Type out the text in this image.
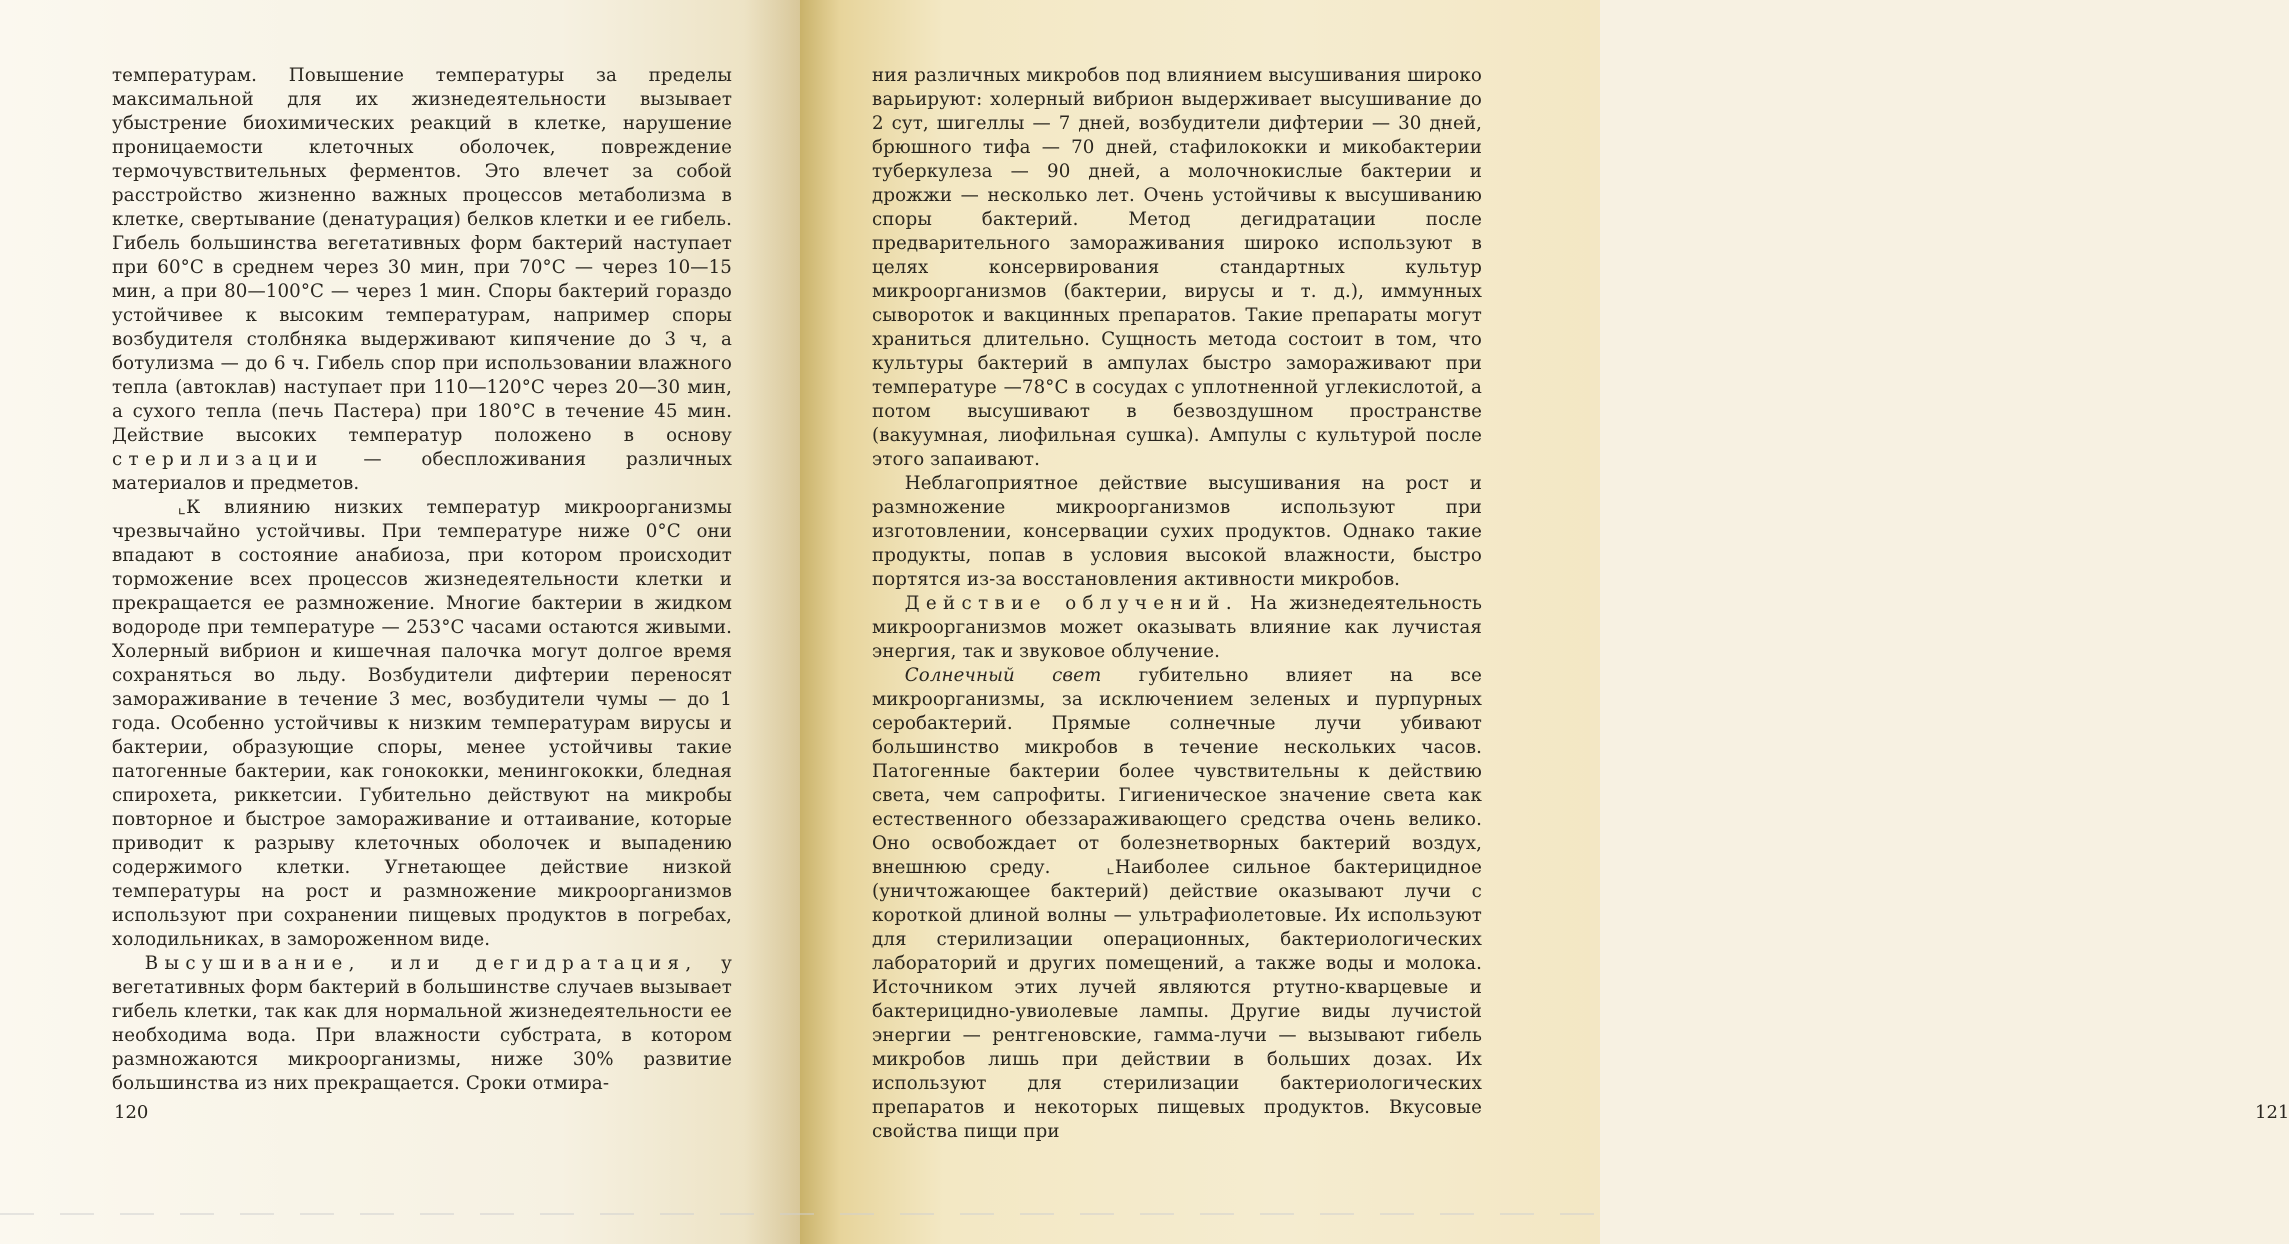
температурам. Повышение температуры за пределы максимальной для их жизнедеятельности вызывает убыстрение биохимических реакций в клетке, нарушение проницаемости клеточных оболочек, повреждение термочувствительных ферментов. Это влечет за собой расстройство жизненно важных процессов метаболизма в клетке, свертывание (денатурация) белков клетки и ее гибель. Гибель большинства вегетативных форм бактерий наступает при 60°С в среднем через 30 мин, при 70°С — через 10—15 мин, а при 80—100°С — через 1 мин. Споры бактерий гораздо устойчивее к высоким температурам, например споры возбудителя столбняка выдерживают кипячение до 3 ч, а ботулизма — до 6 ч. Гибель спор при использовании влажного тепла (автоклав) наступает при 110—120°С через 20—30 мин, а сухого тепла (печь Пастера) при 180°С в течение 45 мин. Действие высоких температур положено в основу стерилизации — обеспложивания различных материалов и предметов.

⌞К влиянию низких температур микроорганизмы чрезвычайно устойчивы. При температуре ниже 0°С они впадают в состояние анабиоза, при котором происходит торможение всех процессов жизнедеятельности клетки и прекращается ее размножение. Многие бактерии в жидком водороде при температуре — 253°С часами остаются живыми. Холерный вибрион и кишечная палочка могут долгое время сохраняться во льду. Возбудители дифтерии переносят замораживание в течение 3 мес, возбудители чумы — до 1 года. Особенно устойчивы к низким температурам вирусы и бактерии, образующие споры, менее устойчивы такие патогенные бактерии, как гонококки, менингококки, бледная спирохета, риккетсии. Губительно действуют на микробы повторное и быстрое замораживание и оттаивание, которые приводит к разрыву клеточных оболочек и выпадению содержимого клетки. Угнетающее действие низкой температуры на рост и размножение микроорганизмов используют при сохранении пищевых продуктов в погребах, холодильниках, в замороженном виде.

Высушивание, или дегидратация, у вегетативных форм бактерий в большинстве случаев вызывает гибель клетки, так как для нормальной жизнедеятельности ее необходима вода. При влажности субстрата, в котором размножаются микроорганизмы, ниже 30% развитие большинства из них прекращается. Сроки отмира-

120

ния различных микробов под влиянием высушивания широко варьируют: холерный вибрион выдерживает высушивание до 2 сут, шигеллы — 7 дней, возбудители дифтерии — 30 дней, брюшного тифа — 70 дней, стафилококки и микобактерии туберкулеза — 90 дней, а молочнокислые бактерии и дрожжи — несколько лет. Очень устойчивы к высушиванию споры бактерий. Метод дегидратации после предварительного замораживания широко используют в целях консервирования стандартных культур микроорганизмов (бактерии, вирусы и т. д.), иммунных сывороток и вакцинных препаратов. Такие препараты могут храниться длительно. Сущность метода состоит в том, что культуры бактерий в ампулах быстро замораживают при температуре —78°С в сосудах с уплотненной углекислотой, а потом высушивают в безвоздушном пространстве (вакуумная, лиофильная сушка). Ампулы с культурой после этого запаивают.

Неблагоприятное действие высушивания на рост и размножение микроорганизмов используют при изготовлении, консервации сухих продуктов. Однако такие продукты, попав в условия высокой влажности, быстро портятся из-за восстановления активности микробов.

Действие облучений. На жизнедеятельность микроорганизмов может оказывать влияние как лучистая энергия, так и звуковое облучение.

Солнечный свет губительно влияет на все микроорганизмы, за исключением зеленых и пурпурных серобактерий. Прямые солнечные лучи убивают большинство микробов в течение нескольких часов. Патогенные бактерии более чувствительны к действию света, чем сапрофиты. Гигиеническое значение света как естественного обеззараживающего средства очень велико. Оно освобождает от болезнетворных бактерий воздух, внешнюю среду.	⌞Наиболее сильное бактерицидное (уничтожающее бактерий) действие оказывают лучи с короткой длиной волны — ультрафиолетовые. Их используют для стерилизации операционных, бактериологических лабораторий и других помещений, а также воды и молока. Источником этих лучей являются ртутно-кварцевые и бактерицидно-увиолевые лампы. Другие виды лучистой энергии — рентгеновские, гамма-лучи — вызывают гибель микробов лишь при действии в больших дозах. Их используют для стерилизации бактериологических препаратов и некоторых пищевых продуктов. Вкусовые свойства пищи при

121
